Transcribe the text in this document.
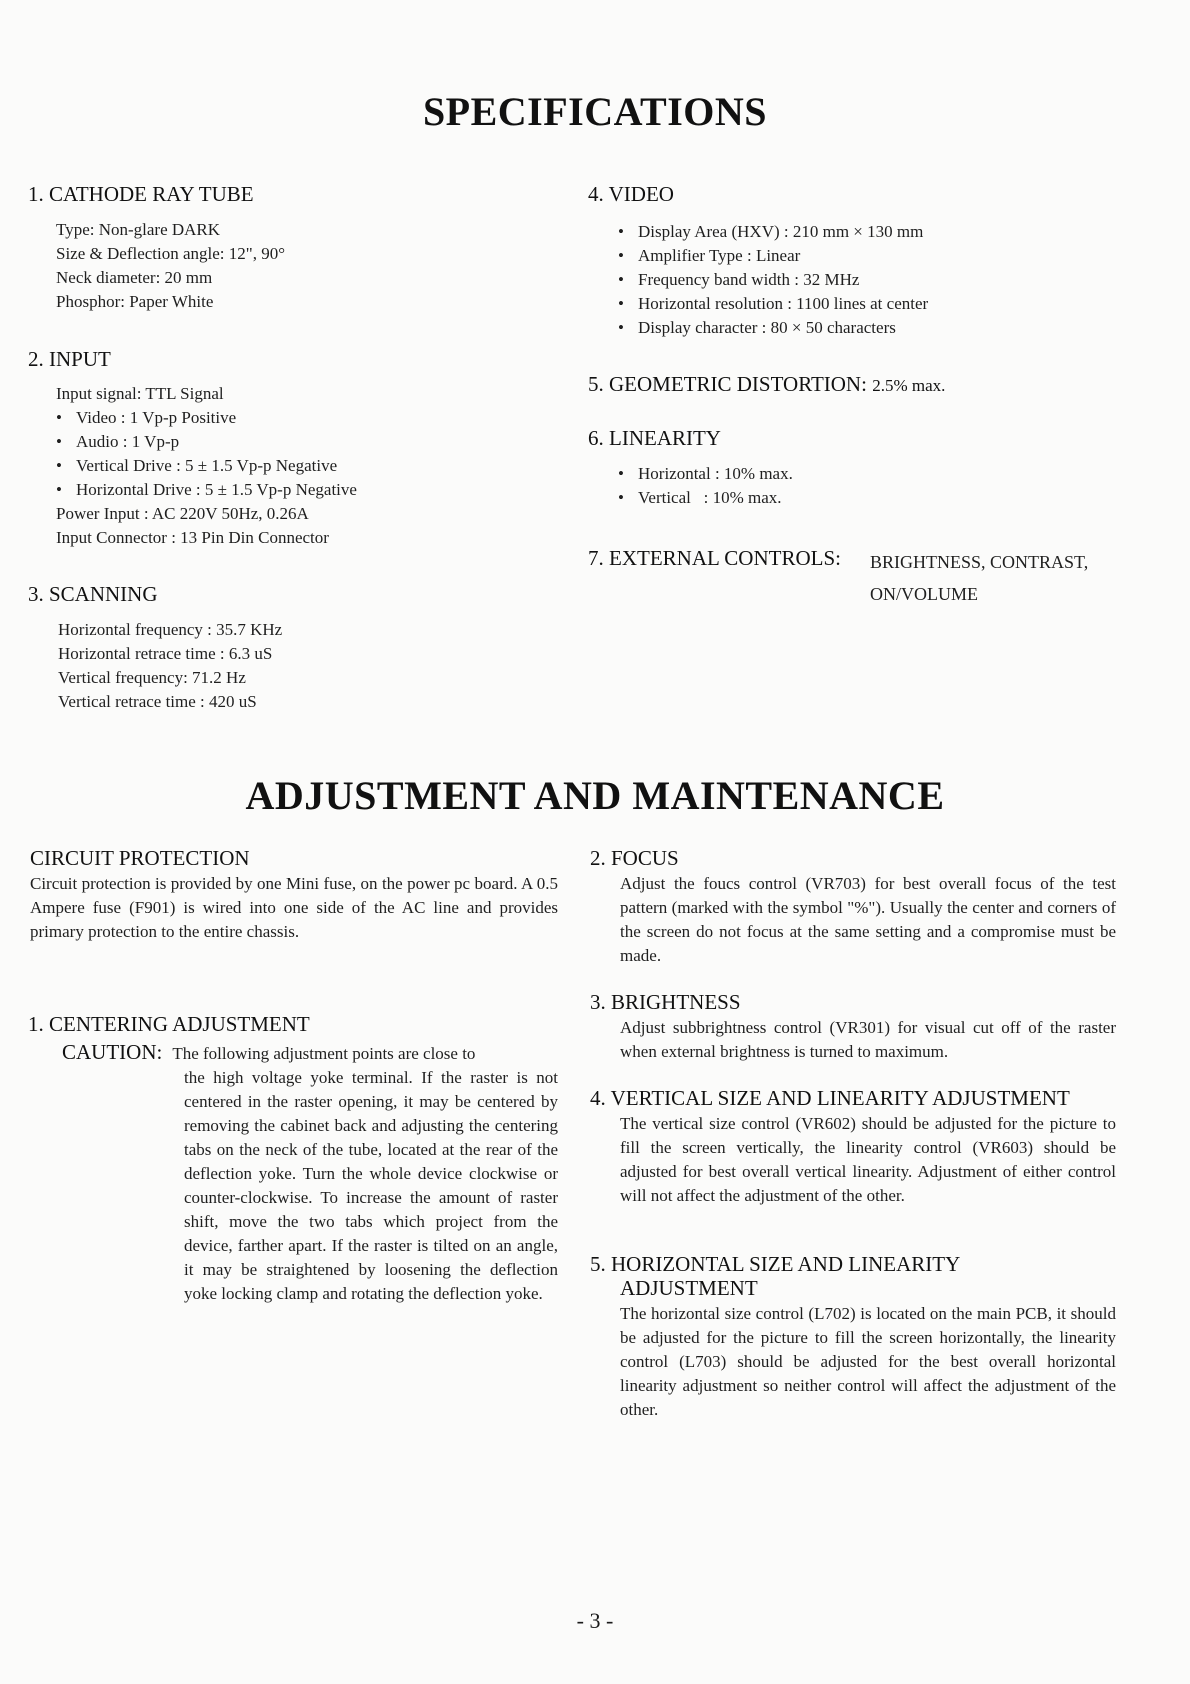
SPECIFICATIONS
1. CATHODE RAY TUBE
Type: Non-glare DARK
Size & Deflection angle: 12", 90°
Neck diameter: 20 mm
Phosphor: Paper White
2. INPUT
Input signal: TTL Signal
• Video : 1 Vp-p Positive
• Audio : 1 Vp-p
• Vertical Drive : 5 ± 1.5 Vp-p Negative
• Horizontal Drive : 5 ± 1.5 Vp-p Negative
Power Input : AC 220V 50Hz, 0.26A
Input Connector : 13 Pin Din Connector
3. SCANNING
Horizontal frequency : 35.7 KHz
Horizontal retrace time : 6.3 uS
Vertical frequency: 71.2 Hz
Vertical retrace time : 420 uS
4. VIDEO
• Display Area (HXV) : 210 mm × 130 mm
• Amplifier Type : Linear
• Frequency band width : 32 MHz
• Horizontal resolution : 1100 lines at center
• Display character : 80 × 50 characters
5. GEOMETRIC DISTORTION: 2.5% max.
6. LINEARITY
• Horizontal : 10% max.
• Vertical   : 10% max.
7. EXTERNAL CONTROLS: BRIGHTNESS, CONTRAST,
ON/VOLUME
ADJUSTMENT AND MAINTENANCE
CIRCUIT PROTECTION
Circuit protection is provided by one Mini fuse, on the power pc board. A 0.5 Ampere fuse (F901) is wired into one side of the AC line and provides primary protection to the entire chassis.
1. CENTERING ADJUSTMENT
CAUTION: The following adjustment points are close to
the high voltage yoke terminal. If the raster is not centered in the raster opening, it may be centered by removing the cabinet back and adjusting the centering tabs on the neck of the tube, located at the rear of the deflection yoke. Turn the whole device clockwise or counter-clockwise. To increase the amount of raster shift, move the two tabs which project from the device, farther apart. If the raster is tilted on an angle, it may be straightened by loosening the deflection yoke locking clamp and rotating the deflection yoke.
2. FOCUS
Adjust the foucs control (VR703) for best overall focus of the test pattern (marked with the symbol "%"). Usually the center and corners of the screen do not focus at the same setting and a compromise must be made.
3. BRIGHTNESS
Adjust subbrightness control (VR301) for visual cut off of the raster when external brightness is turned to maximum.
4. VERTICAL SIZE AND LINEARITY ADJUSTMENT
The vertical size control (VR602) should be adjusted for the picture to fill the screen vertically, the linearity control (VR603) should be adjusted for best overall vertical linearity. Adjustment of either control will not affect the adjustment of the other.
5. HORIZONTAL SIZE AND LINEARITY
ADJUSTMENT
The horizontal size control (L702) is located on the main PCB, it should be adjusted for the picture to fill the screen horizontally, the linearity control (L703) should be adjusted for the best overall horizontal linearity adjustment so neither control will affect the adjustment of the other.
- 3 -
